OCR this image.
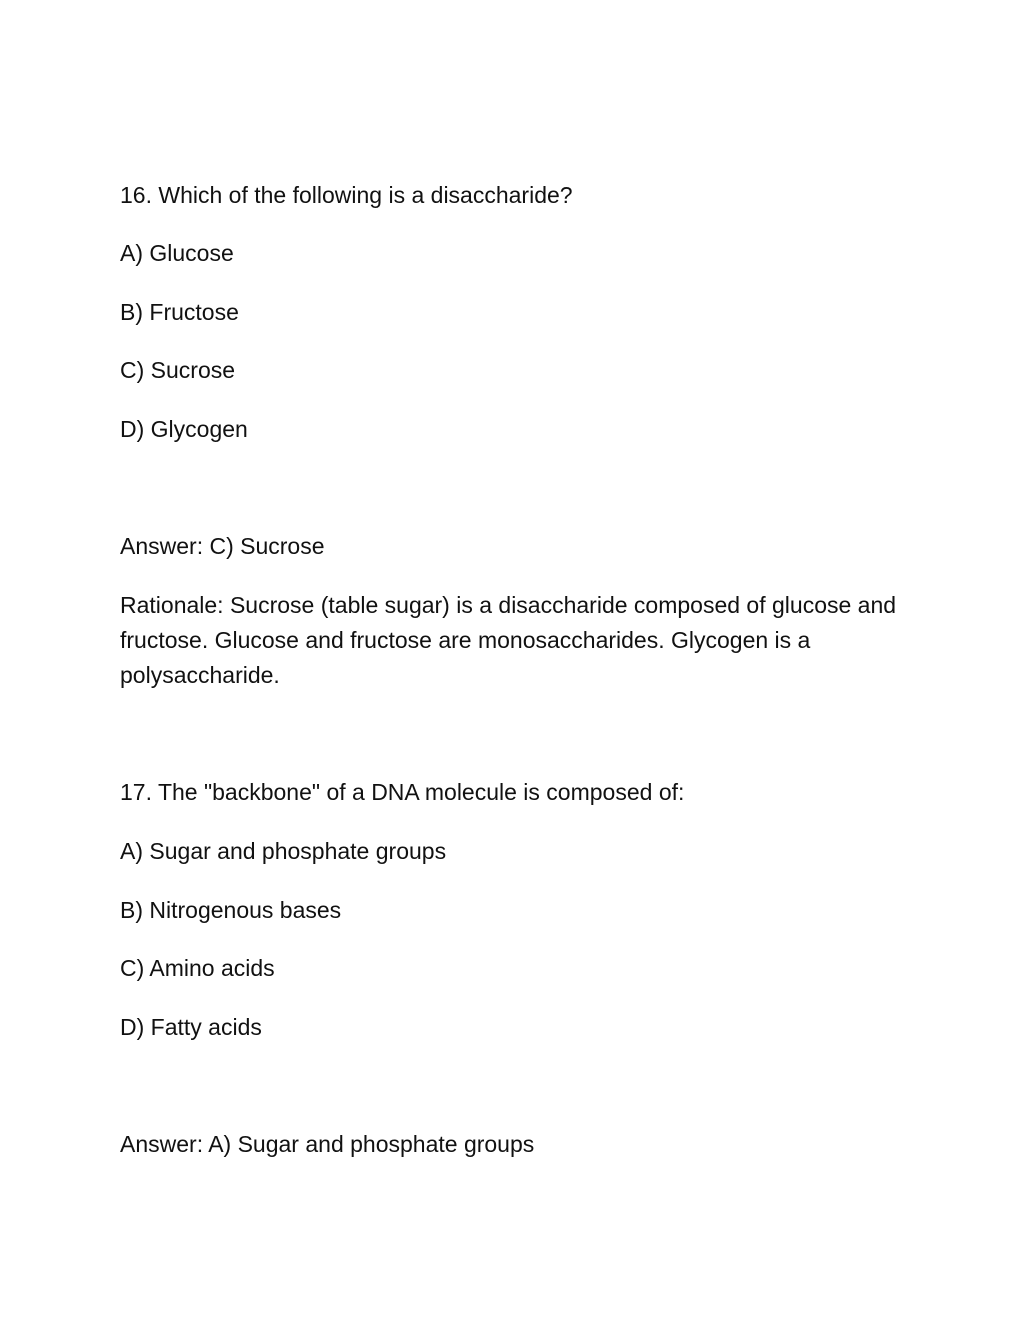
16. Which of the following is a disaccharide?
A) Glucose
B) Fructose
C) Sucrose
D) Glycogen
Answer: C) Sucrose
Rationale: Sucrose (table sugar) is a disaccharide composed of glucose and fructose. Glucose and fructose are monosaccharides. Glycogen is a polysaccharide.
17. The "backbone" of a DNA molecule is composed of:
A) Sugar and phosphate groups
B) Nitrogenous bases
C) Amino acids
D) Fatty acids
Answer: A) Sugar and phosphate groups
